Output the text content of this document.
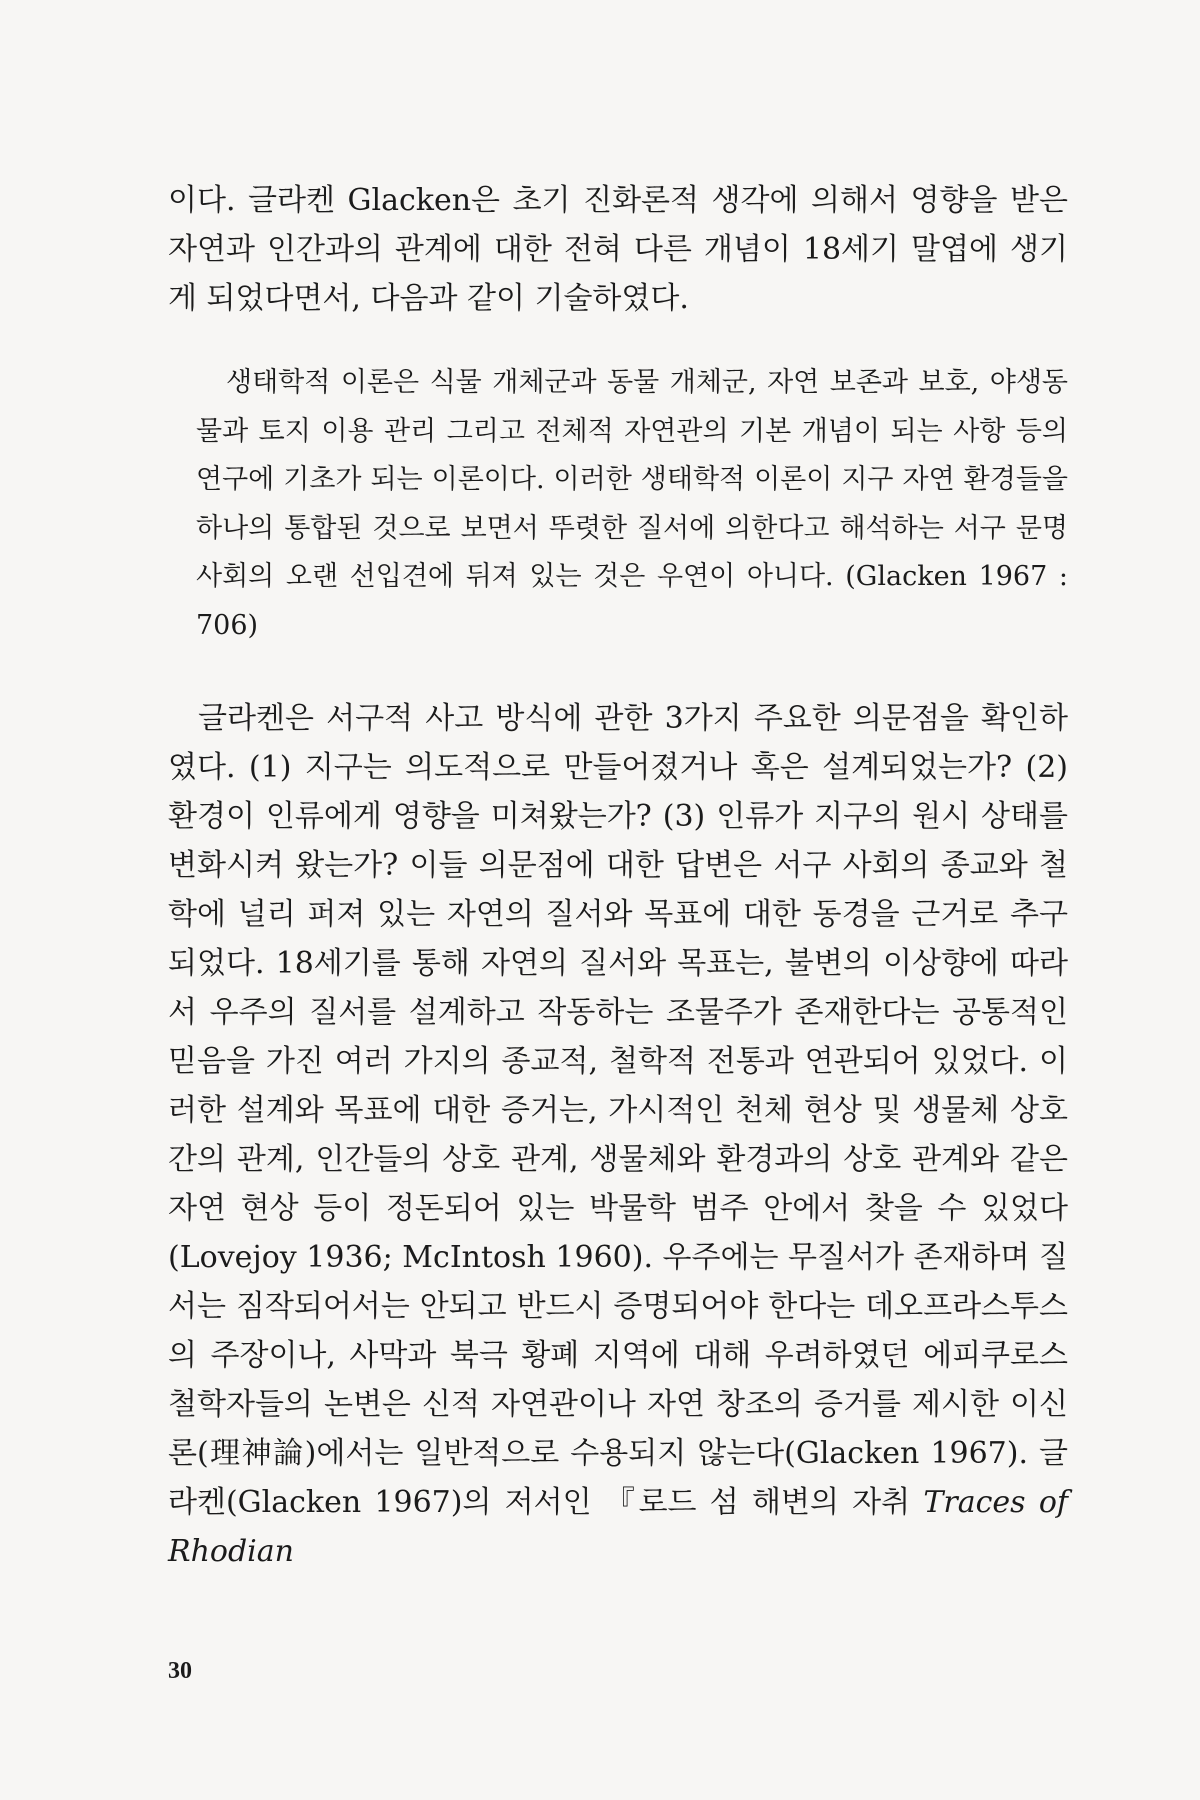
이다. 글라켄 Glacken은 초기 진화론적 생각에 의해서 영향을 받은 자연과 인간과의 관계에 대한 전혀 다른 개념이 18세기 말엽에 생기게 되었다면서, 다음과 같이 기술하였다.

생태학적 이론은 식물 개체군과 동물 개체군, 자연 보존과 보호, 야생동물과 토지 이용 관리 그리고 전체적 자연관의 기본 개념이 되는 사항 등의 연구에 기초가 되는 이론이다. 이러한 생태학적 이론이 지구 자연 환경들을 하나의 통합된 것으로 보면서 뚜렷한 질서에 의한다고 해석하는 서구 문명 사회의 오랜 선입견에 뒤져 있는 것은 우연이 아니다. (Glacken 1967 : 706)

글라켄은 서구적 사고 방식에 관한 3가지 주요한 의문점을 확인하였다. (1) 지구는 의도적으로 만들어졌거나 혹은 설계되었는가? (2) 환경이 인류에게 영향을 미쳐왔는가? (3) 인류가 지구의 원시 상태를 변화시켜 왔는가? 이들 의문점에 대한 답변은 서구 사회의 종교와 철학에 널리 퍼져 있는 자연의 질서와 목표에 대한 동경을 근거로 추구되었다. 18세기를 통해 자연의 질서와 목표는, 불변의 이상향에 따라서 우주의 질서를 설계하고 작동하는 조물주가 존재한다는 공통적인 믿음을 가진 여러 가지의 종교적, 철학적 전통과 연관되어 있었다. 이러한 설계와 목표에 대한 증거는, 가시적인 천체 현상 및 생물체 상호간의 관계, 인간들의 상호 관계, 생물체와 환경과의 상호 관계와 같은 자연 현상 등이 정돈되어 있는 박물학 범주 안에서 찾을 수 있었다(Lovejoy 1936; McIntosh 1960). 우주에는 무질서가 존재하며 질서는 짐작되어서는 안되고 반드시 증명되어야 한다는 데오프라스투스의 주장이나, 사막과 북극 황폐 지역에 대해 우려하였던 에피쿠로스 철학자들의 논변은 신적 자연관이나 자연 창조의 증거를 제시한 이신론(理神論)에서는 일반적으로 수용되지 않는다(Glacken 1967). 글라켄(Glacken 1967)의 저서인 『로드 섬 해변의 자취 Traces of Rhodian

30
